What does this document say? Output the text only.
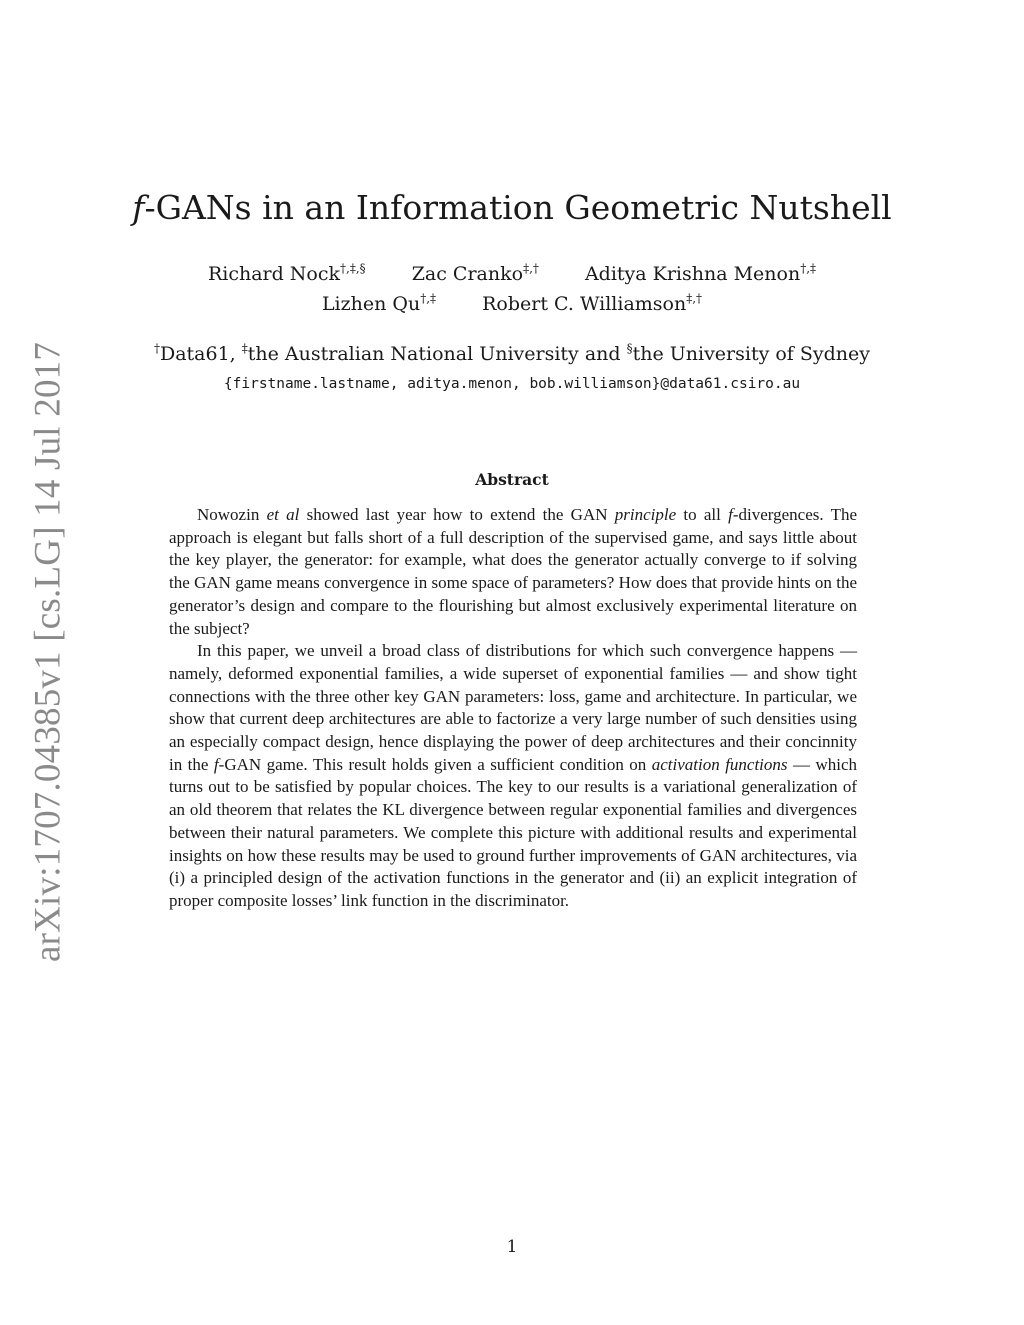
arXiv:1707.04385v1 [cs.LG] 14 Jul 2017
f-GANs in an Information Geometric Nutshell
Richard Nock†,‡,§ Zac Cranko‡,† Aditya Krishna Menon†,‡
Lizhen Qu†,‡ Robert C. Williamson‡,†
†Data61, ‡the Australian National University and §the University of Sydney
{firstname.lastname, aditya.menon, bob.williamson}@data61.csiro.au
Abstract

Nowozin et al showed last year how to extend the GAN principle to all f-divergences. The approach is elegant but falls short of a full description of the supervised game, and says little about the key player, the generator: for example, what does the generator actually converge to if solving the GAN game means convergence in some space of parameters? How does that provide hints on the generator’s design and compare to the flourishing but almost exclusively experimental literature on the subject?

In this paper, we unveil a broad class of distributions for which such convergence happens — namely, deformed exponential families, a wide superset of exponential families — and show tight connections with the three other key GAN parameters: loss, game and architecture. In particular, we show that current deep architectures are able to factorize a very large number of such densities using an especially compact design, hence displaying the power of deep architectures and their concinnity in the f-GAN game. This result holds given a sufficient condition on activation functions — which turns out to be satisfied by popular choices. The key to our results is a variational generalization of an old theorem that relates the KL divergence between regular exponential families and divergences between their natural parameters. We complete this picture with additional results and experimental insights on how these results may be used to ground further improvements of GAN architectures, via (i) a principled design of the activation functions in the generator and (ii) an explicit integration of proper composite losses’ link function in the discriminator.

1
